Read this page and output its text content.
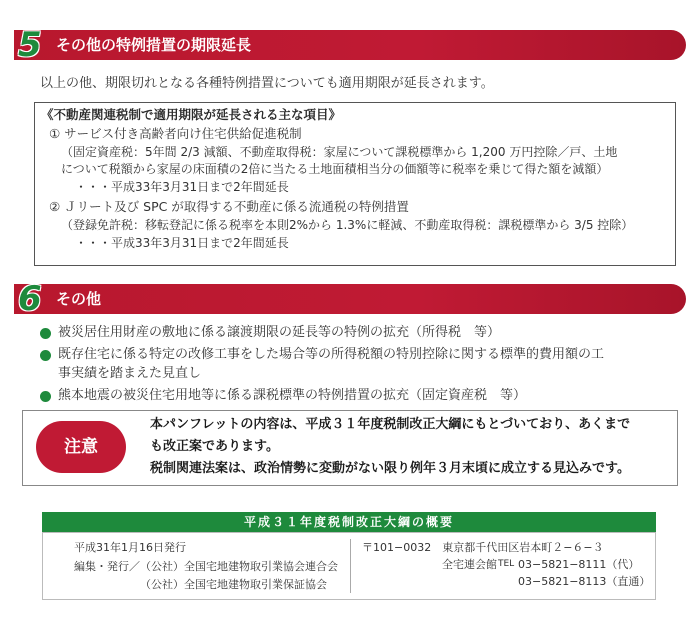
5 その他の特例措置の期限延長
以上の他、期限切れとなる各種特例措置についても適用期限が延長されます。
《不動産関連税制で適用期限が延長される主な項目》
① サービス付き高齢者向け住宅供給促進税制
（固定資産税：5年間 2/3 減額、不動産取得税：家屋について課税標準から 1,200 万円控除／戸、土地
について税額から家屋の床面積の2倍に当たる土地面積相当分の価額等に税率を乗じて得た額を減額）
・・・平成33年3月31日まで2年間延長
② Ｊリート及び SPC が取得する不動産に係る流通税の特例措置
（登録免許税：移転登記に係る税率を本則2%から 1.3%に軽減、不動産取得税：課税標準から 3/5 控除）
・・・平成33年3月31日まで2年間延長
6 その他
被災居住用財産の敷地に係る譲渡期限の延長等の特例の拡充（所得税　等）
既存住宅に係る特定の改修工事をした場合等の所得税額の特別控除に関する標準的費用額の工
事実績を踏まえた見直し
熊本地震の被災住宅用地等に係る課税標準の特例措置の拡充（固定資産税　等）
注意
本パンフレットの内容は、平成３１年度税制改正大綱にもとづいており、あくまで
も改正案であります。
税制関連法案は、政治情勢に変動がない限り例年３月末頃に成立する見込みです。
平成３１年度税制改正大綱の概要
平成31年1月16日発行
編集・発行／（公社）全国宅地建物取引業協会連合会
（公社）全国宅地建物取引業保証協会
〒101−0032　東京都千代田区岩本町２−６−３
全宅連会館 TEL 03−5821−8111（代）
03−5821−8113（直通）
